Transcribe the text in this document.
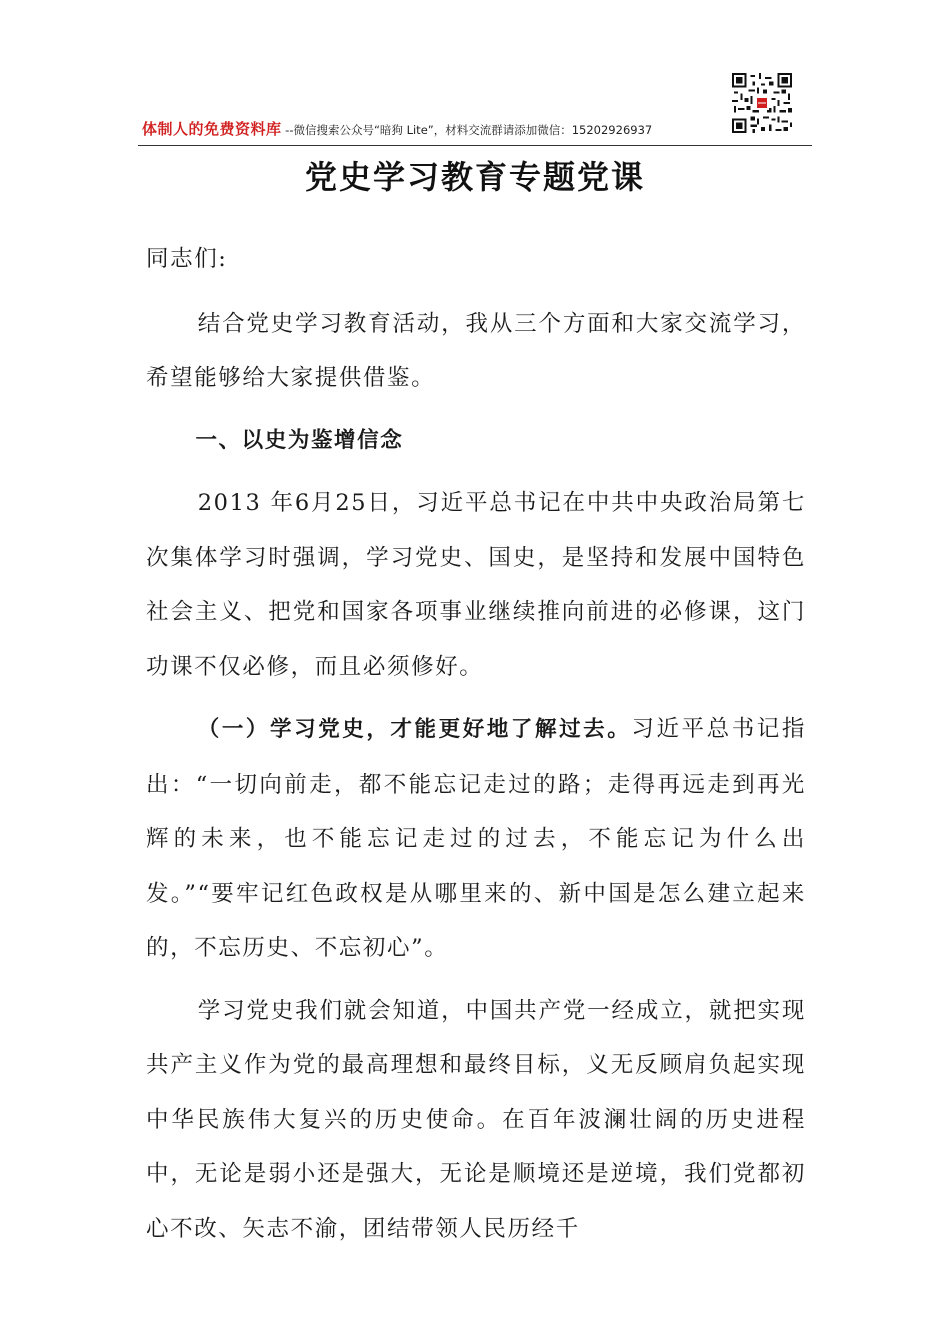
体制人的免费资料库 --微信搜索公众号“暗狗 Lite”，材料交流群请添加微信：15202926937
党史学习教育专题党课

同志们:

结合党史学习教育活动，我从三个方面和大家交流学习，希望能够给大家提供借鉴。

一、以史为鉴增信念

2013 年6月25日，习近平总书记在中共中央政治局第七次集体学习时强调，学习党史、国史，是坚持和发展中国特色社会主义、把党和国家各项事业继续推向前进的必修课，这门功课不仅必修，而且必须修好。

（一）学习党史，才能更好地了解过去。习近平总书记指出：“一切向前走，都不能忘记走过的路；走得再远走到再光辉的未来，也不能忘记走过的过去，不能忘记为什么出发。”“要牢记红色政权是从哪里来的、新中国是怎么建立起来的，不忘历史、不忘初心”。

学习党史我们就会知道，中国共产党一经成立，就把实现共产主义作为党的最高理想和最终目标，义无反顾肩负起实现中华民族伟大复兴的历史使命。在百年波澜壮阔的历史进程中，无论是弱小还是强大，无论是顺境还是逆境，我们党都初心不改、矢志不渝，团结带领人民历经千
